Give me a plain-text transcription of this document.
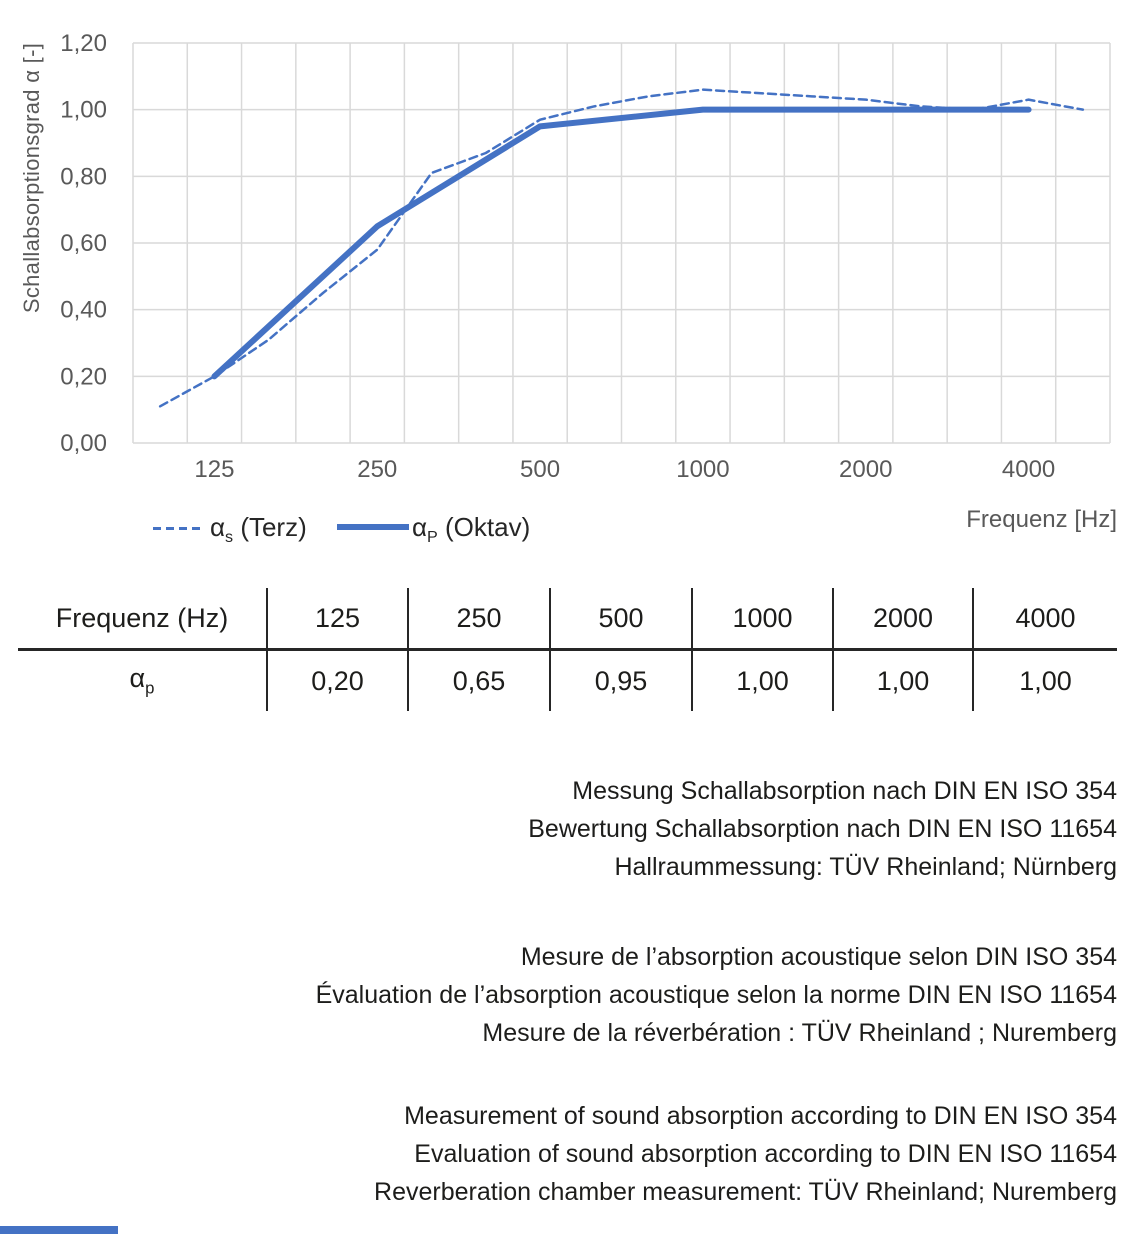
Schallabsorptionsgrad α [-]
0,00
0,20
0,40
0,60
0,80
1,00
1,20
125	250	500	1000	2000	4000
Frequenz [Hz]
$\alpha_s$ (Terz)	$\alpha_P$ (Oktav)
Frequenz (Hz)	125	250	500	1000	2000	4000
$\alpha_p$	0,20	0,65	0,95	1,00	1,00	1,00
Messung Schallabsorption nach DIN EN ISO 354
Bewertung Schallabsorption nach DIN EN ISO 11654
Hallraummessung: TÜV Rheinland; Nürnberg
Mesure de l’absorption acoustique selon DIN ISO 354
Évaluation de l’absorption acoustique selon la norme DIN EN ISO 11654
Mesure de la réverbération : TÜV Rheinland ; Nuremberg
Measurement of sound absorption according to DIN EN ISO 354
Evaluation of sound absorption according to DIN EN ISO 11654
Reverberation chamber measurement: TÜV Rheinland; Nuremberg
